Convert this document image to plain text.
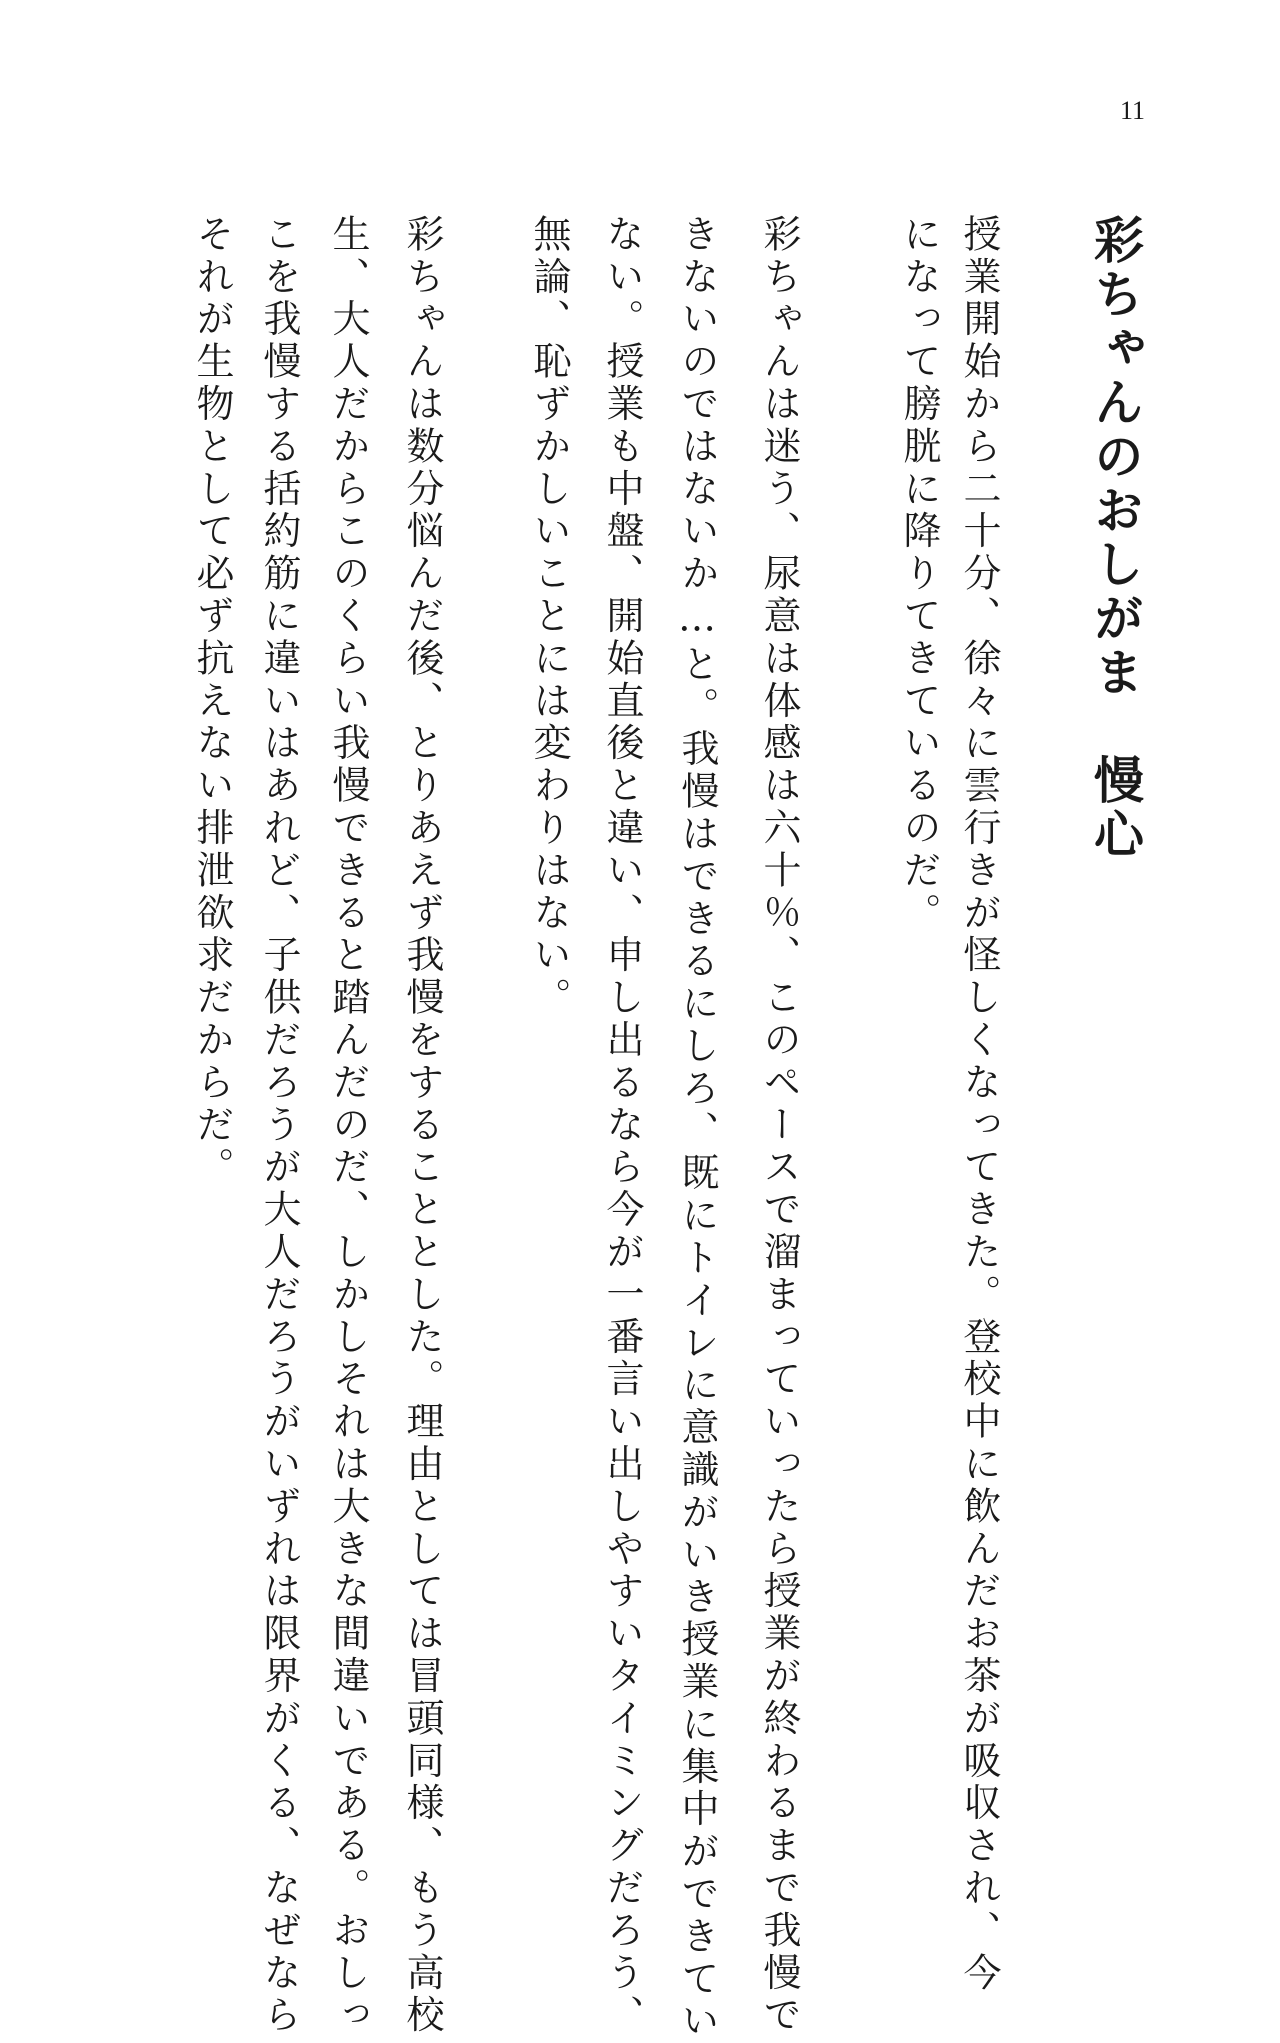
11
彩ちゃんのおしがま　慢心
授業開始から二十分、徐々に雲行きが怪しくなってきた。登校中に飲んだお茶が吸収され、今
になって膀胱に降りてきているのだ。
彩ちゃんは迷う、尿意は体感は六十％、このペースで溜まっていったら授業が終わるまで我慢で
きないのではないか…と。我慢はできるにしろ、既にトイレに意識がいき授業に集中ができてい
ない。授業も中盤、開始直後と違い、申し出るなら今が一番言い出しやすいタイミングだろう、
無論、恥ずかしいことには変わりはない。
彩ちゃんは数分悩んだ後、とりあえず我慢をすることとした。理由としては冒頭同様、もう高校
生、大人だからこのくらい我慢できると踏んだのだ、しかしそれは大きな間違いである。おしっ
こを我慢する括約筋に違いはあれど、子供だろうが大人だろうがいずれは限界がくる、なぜなら
それが生物として必ず抗えない排泄欲求だからだ。
